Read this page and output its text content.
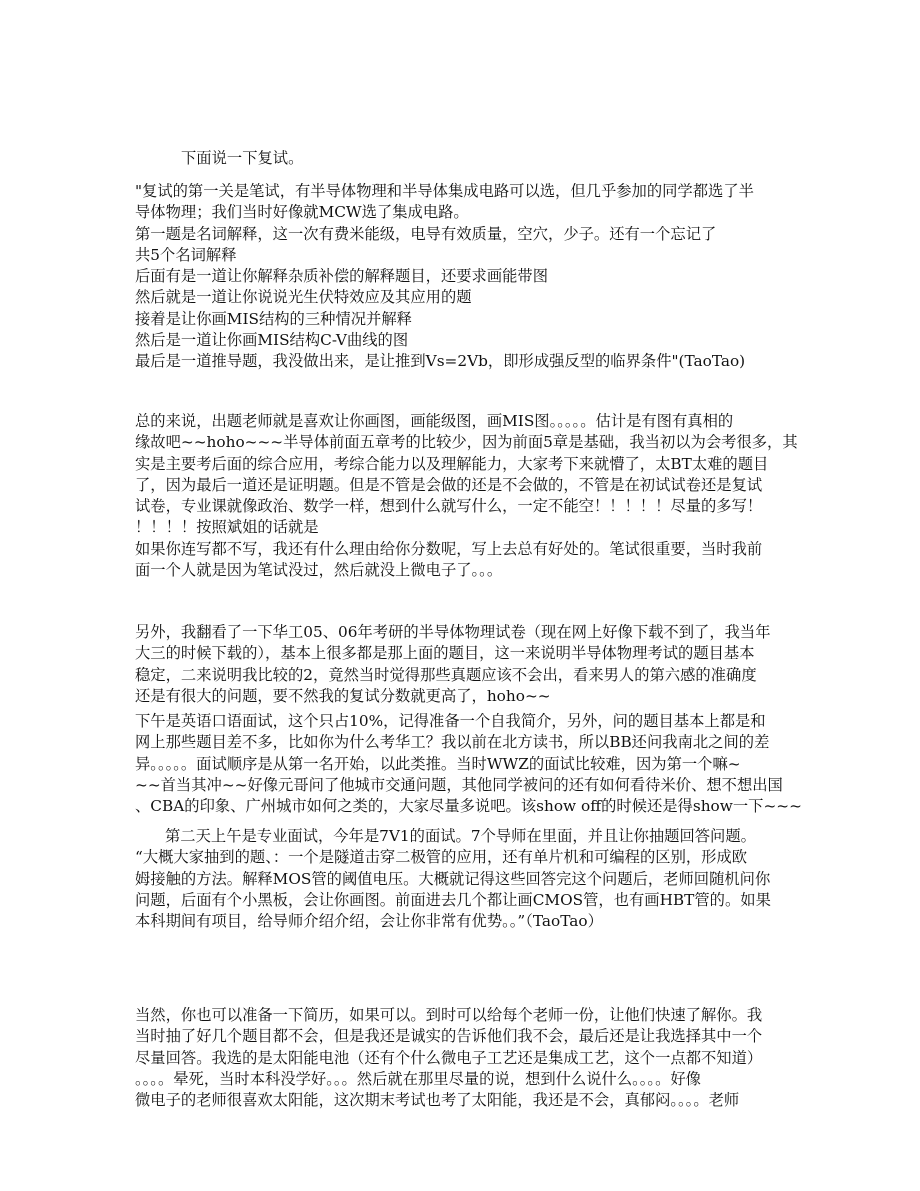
下面说一下复试。
"复试的第一关是笔试，有半导体物理和半导体集成电路可以选，但几乎参加的同学都选了半
导体物理；我们当时好像就MCW选了集成电路。
第一题是名词解释，这一次有费米能级，电导有效质量，空穴，少子。还有一个忘记了
共5个名词解释
后面有是一道让你解释杂质补偿的解释题目，还要求画能带图
然后就是一道让你说说光生伏特效应及其应用的题
接着是让你画MIS结构的三种情况并解释
然后是一道让你画MIS结构C-V曲线的图
最后是一道推导题，我没做出来，是让推到Vs=2Vb，即形成强反型的临界条件"(TaoTao)
总的来说，出题老师就是喜欢让你画图，画能级图，画MIS图。。。。。估计是有图有真相的
缘故吧~~hoho~~~半导体前面五章考的比较少，因为前面5章是基础，我当初以为会考很多，其
实是主要考后面的综合应用，考综合能力以及理解能力，大家考下来就懵了，太BT太难的题目
了，因为最后一道还是证明题。但是不管是会做的还是不会做的，不管是在初试试卷还是复试
试卷，专业课就像政治、数学一样，想到什么就写什么，一定不能空！！！！！尽量的多写！
！！！！按照斌姐的话就是
如果你连写都不写，我还有什么理由给你分数呢，写上去总有好处的。笔试很重要，当时我前
面一个人就是因为笔试没过，然后就没上微电子了。。。
另外，我翻看了一下华工05、06年考研的半导体物理试卷（现在网上好像下载不到了，我当年
大三的时候下载的），基本上很多都是那上面的题目，这一来说明半导体物理考试的题目基本
稳定，二来说明我比较的2，竟然当时觉得那些真题应该不会出，看来男人的第六感的准确度
还是有很大的问题，要不然我的复试分数就更高了，hoho~~
下午是英语口语面试，这个只占10%，记得准备一个自我简介，另外，问的题目基本上都是和
网上那些题目差不多，比如你为什么考华工？我以前在北方读书，所以BB还问我南北之间的差
异。。。。。面试顺序是从第一名开始，以此类推。当时WWZ的面试比较难，因为第一个嘛~
~~首当其冲~~好像元哥问了他城市交通问题，其他同学被问的还有如何看待米价、想不想出国
、CBA的印象、广州城市如何之类的，大家尽量多说吧。该show off的时候还是得show一下~~~
第二天上午是专业面试，今年是7V1的面试。7个导师在里面，并且让你抽题回答问题。
“大概大家抽到的题、：一个是隧道击穿二极管的应用，还有单片机和可编程的区别，形成欧
姆接触的方法。解释MOS管的阈值电压。大概就记得这些回答完这个问题后，老师回随机问你
问题，后面有个小黑板，会让你画图。前面进去几个都让画CMOS管，也有画HBT管的。如果
本科期间有项目，给导师介绍介绍，会让你非常有优势。。”（TaoTao）
当然，你也可以准备一下简历，如果可以。到时可以给每个老师一份，让他们快速了解你。我
当时抽了好几个题目都不会，但是我还是诚实的告诉他们我不会，最后还是让我选择其中一个
尽量回答。我选的是太阳能电池（还有个什么微电子工艺还是集成工艺，这个一点都不知道）
。。。。晕死，当时本科没学好。。。然后就在那里尽量的说，想到什么说什么。。。。好像
微电子的老师很喜欢太阳能，这次期末考试也考了太阳能，我还是不会，真郁闷。。。。老师
